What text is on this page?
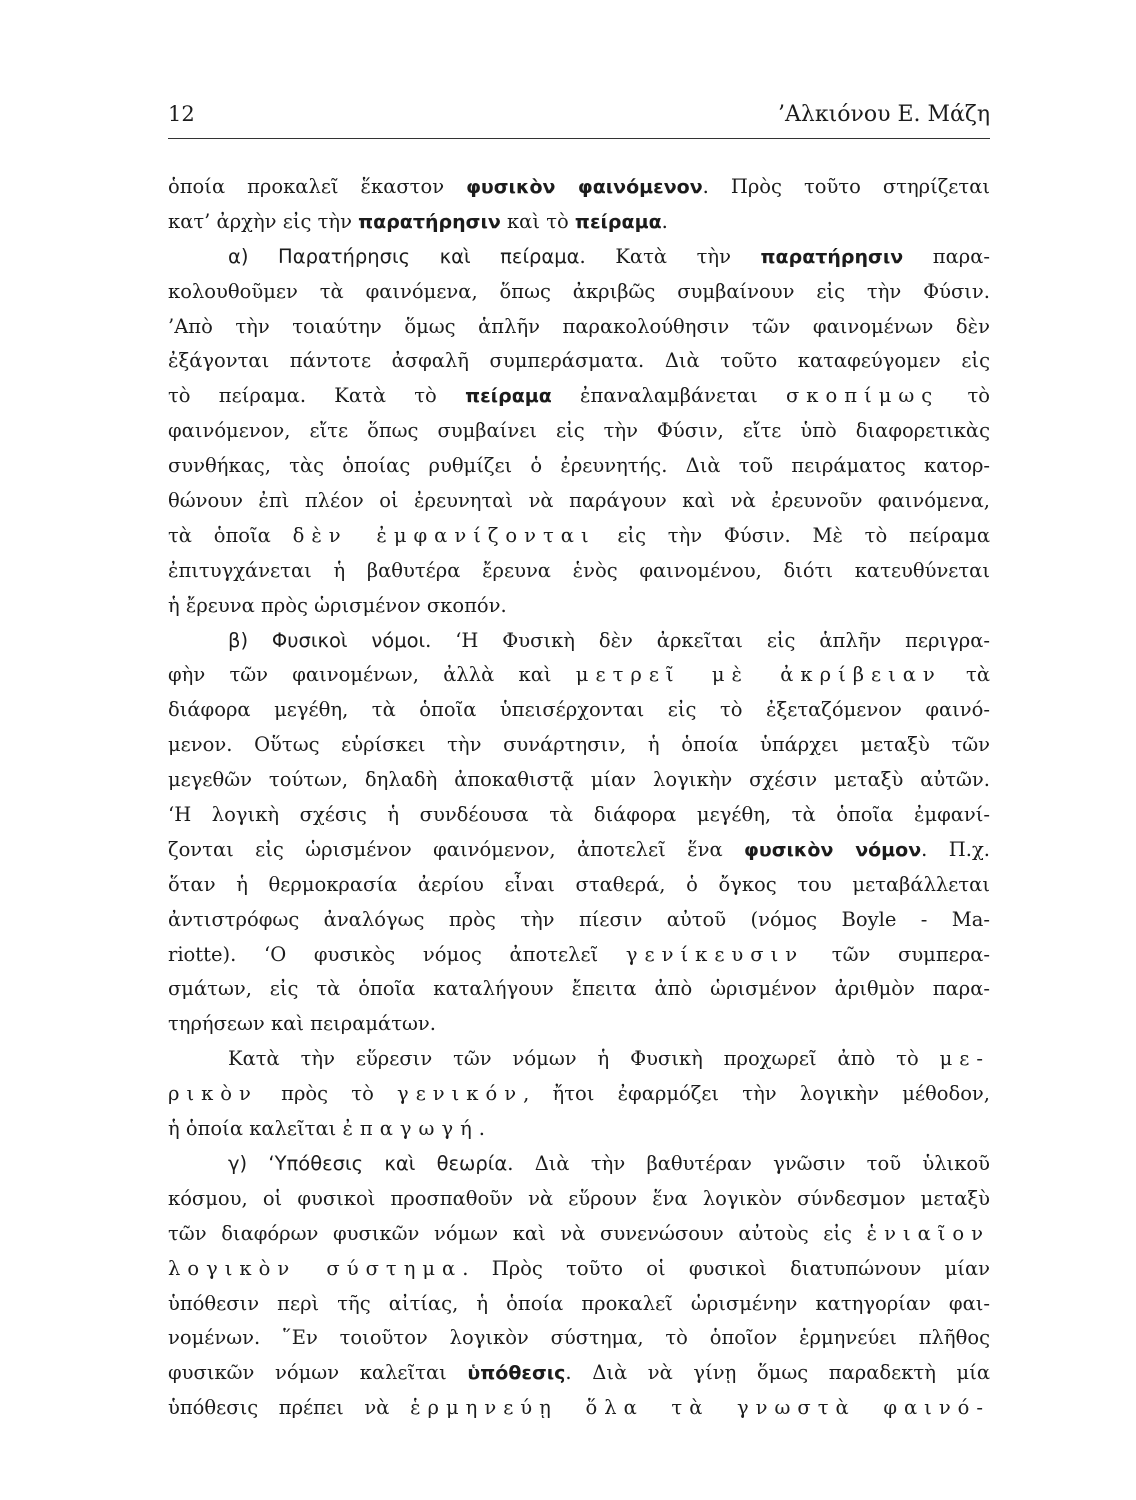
12	’Αλκιόνου Ε. Μάζη
ὁποία προκαλεῖ ἕκαστον φυσικὸν φαινόμενον. Πρὸς τοῦτο στηρίζεται
κατ’ ἀρχὴν εἰς τὴν παρατήρησιν καὶ τὸ πείραμα.
α) Παρατήρησις καὶ πείραμα. Κατὰ τὴν παρατήρησιν παρα-
κολουθοῦμεν τὰ φαινόμενα, ὅπως ἀκριβῶς συμβαίνουν εἰς τὴν Φύσιν.
’Απὸ τὴν τοιαύτην ὅμως ἁπλῆν παρακολούθησιν τῶν φαινομένων δὲν
ἐξάγονται πάντοτε ἀσφαλῆ συμπεράσματα. Διὰ τοῦτο καταφεύγομεν εἰς
τὸ πείραμα. Κατὰ τὸ πείραμα ἐπαναλαμβάνεται σκοπίμως τὸ
φαινόμενον, εἴτε ὅπως συμβαίνει εἰς τὴν Φύσιν, εἴτε ὑπὸ διαφορετικὰς
συνθήκας, τὰς ὁποίας ρυθμίζει ὁ ἐρευνητής. Διὰ τοῦ πειράματος κατορ-
θώνουν ἐπὶ πλέον οἱ ἐρευνηταὶ νὰ παράγουν καὶ νὰ ἐρευνοῦν φαινόμενα,
τὰ ὁποῖα δὲν ἐμφανίζονται εἰς τὴν Φύσιν. Μὲ τὸ πείραμα
ἐπιτυγχάνεται ἡ βαθυτέρα ἔρευνα ἑνὸς φαινομένου, διότι κατευθύνεται
ἡ ἔρευνα πρὸς ὡρισμένον σκοπόν.
β) Φυσικοὶ νόμοι. ‘Η Φυσικὴ δὲν ἀρκεῖται εἰς ἁπλῆν περιγρα-
φὴν τῶν φαινομένων, ἀλλὰ καὶ μετρεῖ μὲ ἀκρίβειαν τὰ
διάφορα μεγέθη, τὰ ὁποῖα ὑπεισέρχονται εἰς τὸ ἐξεταζόμενον φαινό-
μενον. Οὕτως εὑρίσκει τὴν συνάρτησιν, ἡ ὁποία ὑπάρχει μεταξὺ τῶν
μεγεθῶν τούτων, δηλαδὴ ἀποκαθιστᾷ μίαν λογικὴν σχέσιν μεταξὺ αὐτῶν.
‘Η λογικὴ σχέσις ἡ συνδέουσα τὰ διάφορα μεγέθη, τὰ ὁποῖα ἐμφανί-
ζονται εἰς ὡρισμένον φαινόμενον, ἀποτελεῖ ἕνα φυσικὸν νόμον. Π.χ.
ὅταν ἡ θερμοκρασία ἀερίου εἶναι σταθερά, ὁ ὄγκος του μεταβάλλεται
ἀντιστρόφως ἀναλόγως πρὸς τὴν πίεσιν αὐτοῦ (νόμος Boyle - Ma-
riotte). ‘Ο φυσικὸς νόμος ἀποτελεῖ γενίκευσιν τῶν συμπερα-
σμάτων, εἰς τὰ ὁποῖα καταλήγουν ἔπειτα ἀπὸ ὡρισμένον ἀριθμὸν παρα-
τηρήσεων καὶ πειραμάτων.
Κατὰ τὴν εὕρεσιν τῶν νόμων ἡ Φυσικὴ προχωρεῖ ἀπὸ τὸ με-
ρικὸν πρὸς τὸ γενικόν, ἤτοι ἐφαρμόζει τὴν λογικὴν μέθοδον,
ἡ ὁποία καλεῖται ἐπαγωγή.
γ) ‘Υπόθεσις καὶ θεωρία. Διὰ τὴν βαθυτέραν γνῶσιν τοῦ ὑλικοῦ
κόσμου, οἱ φυσικοὶ προσπαθοῦν νὰ εὕρουν ἕνα λογικὸν σύνδεσμον μεταξὺ
τῶν διαφόρων φυσικῶν νόμων καὶ νὰ συνενώσουν αὐτοὺς εἰς ἑνιαῖον
λογικὸν σύστημα. Πρὸς τοῦτο οἱ φυσικοὶ διατυπώνουν μίαν
ὑπόθεσιν περὶ τῆς αἰτίας, ἡ ὁποία προκαλεῖ ὡρισμένην κατηγορίαν φαι-
νομένων. ῞Εν τοιοῦτον λογικὸν σύστημα, τὸ ὁποῖον ἑρμηνεύει πλῆθος
φυσικῶν νόμων καλεῖται ὑπόθεσις. Διὰ νὰ γίνῃ ὅμως παραδεκτὴ μία
ὑπόθεσις πρέπει νὰ ἑρμηνεύῃ ὅλα τὰ γνωστὰ φαινό-
